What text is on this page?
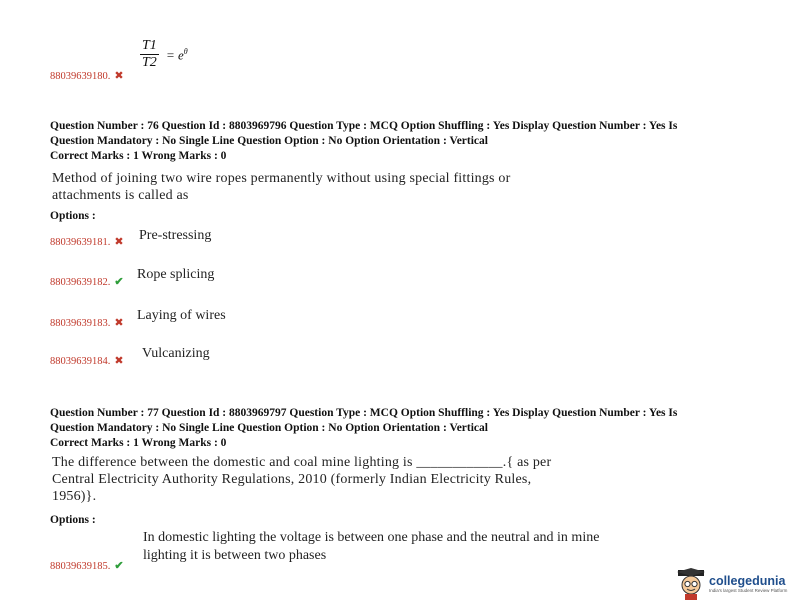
$\frac{T1}{T2} = e^\theta$
88039639180. ✖
Question Number : 76 Question Id : 8803969796 Question Type : MCQ Option Shuffling : Yes Display Question Number : Yes Is
Question Mandatory : No Single Line Question Option : No Option Orientation : Vertical
Correct Marks : 1 Wrong Marks : 0
Method of joining two wire ropes permanently without using special fittings or
attachments is called as
Options :
88039639181. ✖ Pre-stressing
88039639182. ✔ Rope splicing
88039639183. ✖ Laying of wires
88039639184. ✖ Vulcanizing
Question Number : 77 Question Id : 8803969797 Question Type : MCQ Option Shuffling : Yes Display Question Number : Yes Is
Question Mandatory : No Single Line Question Option : No Option Orientation : Vertical
Correct Marks : 1 Wrong Marks : 0
The difference between the domestic and coal mine lighting is ____________.{ as per
Central Electricity Authority Regulations, 2010 (formerly Indian Electricity Rules,
1956)}.
Options :
In domestic lighting the voltage is between one phase and the neutral and in mine
lighting it is between two phases
88039639185. ✔
collegedunia
India's largest Student Review Platform
